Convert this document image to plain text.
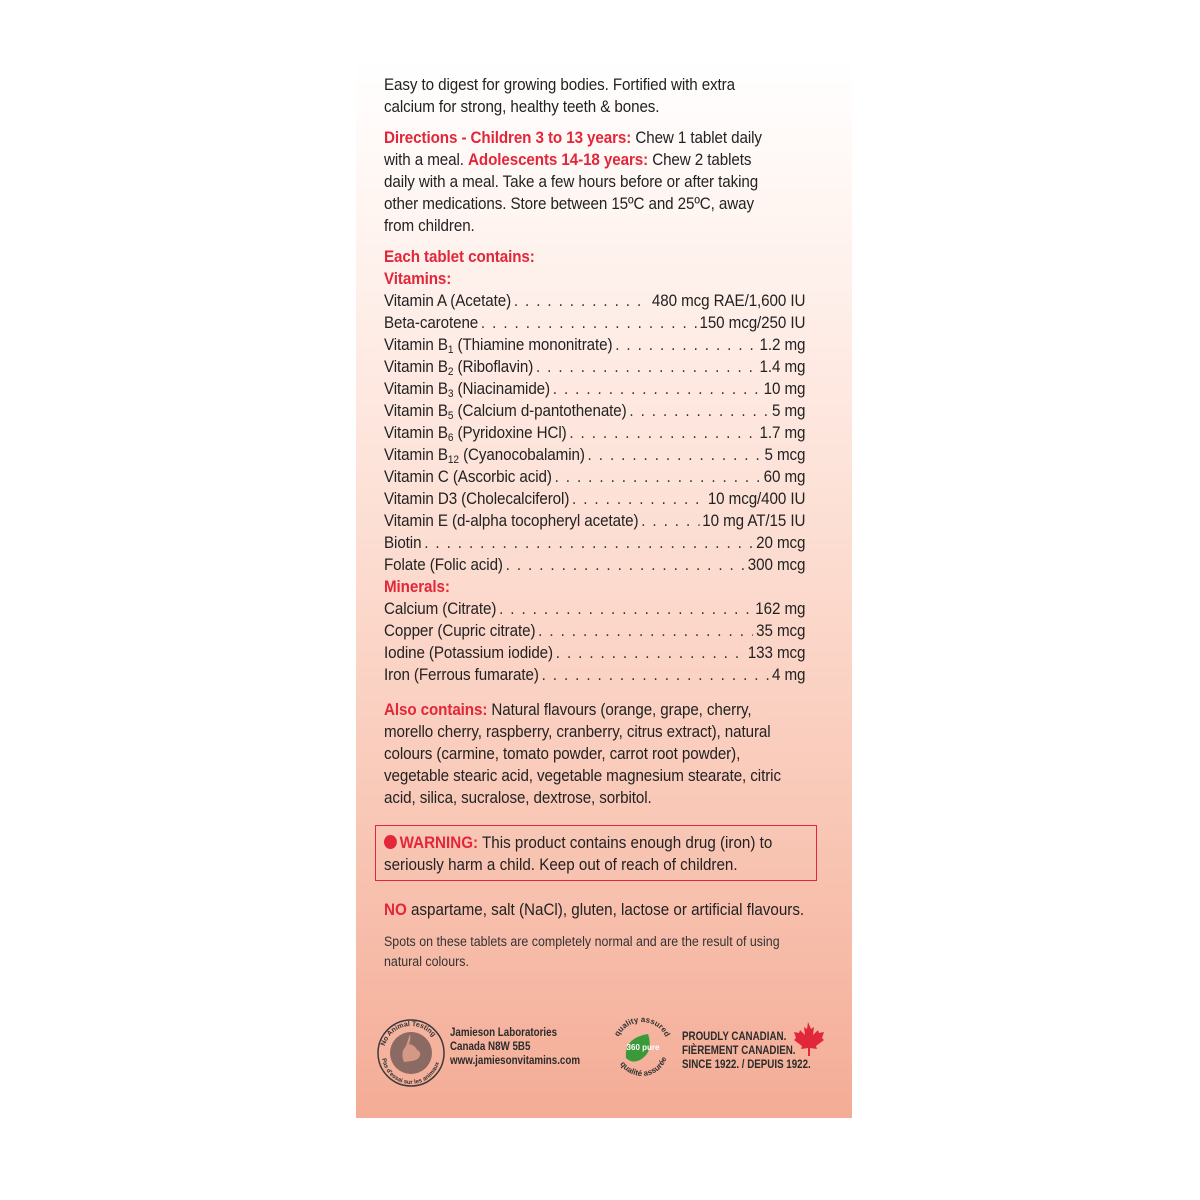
Easy to digest for growing bodies. Fortified with extra calcium for strong, healthy teeth & bones.

Directions - Children 3 to 13 years: Chew 1 tablet daily with a meal. Adolescents 14-18 years: Chew 2 tablets daily with a meal. Take a few hours before or after taking other medications. Store between 15ºC and 25ºC, away from children.

Each tablet contains:

Vitamins:

Vitamin A (Acetate) . . .	480 mcg RAE/1,600 IU
Beta-carotene . . .	150 mcg/250 IU
Vitamin $B_1$ (Thiamine mononitrate) . . .	1.2 mg
Vitamin $B_2$ (Riboflavin) . . .	1.4 mg
Vitamin $B_3$ (Niacinamide) . . .	10 mg
Vitamin $B_5$ (Calcium d-pantothenate) . . .	5 mg
Vitamin $B_6$ (Pyridoxine HCl) . . .	1.7 mg
Vitamin $B_{12}$ (Cyanocobalamin) . . .	5 mcg
Vitamin C (Ascorbic acid) . . .	60 mg
Vitamin D3 (Cholecalciferol) . . .	10 mcg/400 IU
Vitamin E (d-alpha tocopheryl acetate) . . .	10 mg AT/15 IU
Biotin . . .	20 mcg
Folate (Folic acid) . . .	300 mcg

Minerals:

Calcium (Citrate) . . .	162 mg
Copper (Cupric citrate) . . .	35 mcg
Iodine (Potassium iodide) . . .	133 mcg
Iron (Ferrous fumarate) . . .	4 mg

Also contains: Natural flavours (orange, grape, cherry, morello cherry, raspberry, cranberry, citrus extract), natural colours (carmine, tomato powder, carrot root powder), vegetable stearic acid, vegetable magnesium stearate, citric acid, silica, sucralose, dextrose, sorbitol.

WARNING: This product contains enough drug (iron) to seriously harm a child. Keep out of reach of children.
NO aspartame, salt (NaCl), gluten, lactose or artificial flavours.
Spots on these tablets are completely normal and are the result of using natural colours.
No Animal Testing
Pas d'essai sur les animaux
Jamieson Laboratories
Canada N8W 5B5
www.jamiesonvitamins.com
quality assured
qualité assurée
360 pure
PROUDLY CANADIAN.
FIÈREMENT CANADIEN.
SINCE 1922. / DEPUIS 1922.
